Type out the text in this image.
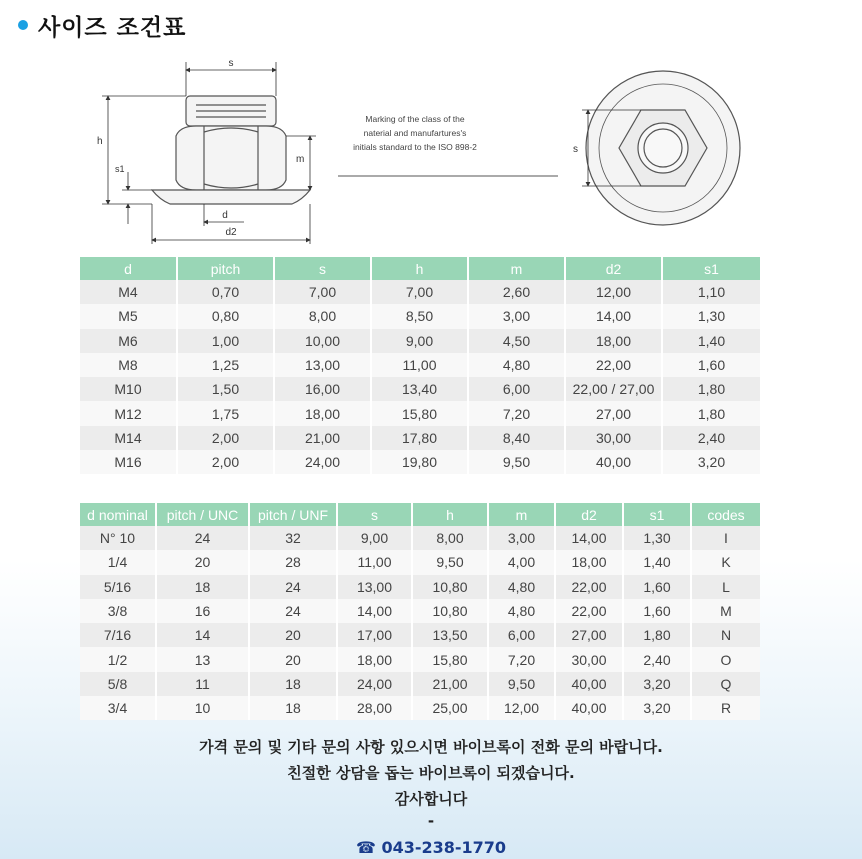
사이즈 조건표
s
h
s1
m
d
d2
Marking of the class of the
naterial and manufartures's
initials standard to the ISO 898-2	s
d	pitch	s	h	m	d2	s1
M4	0,70	7,00	7,00	2,60	12,00	1,10
M5	0,80	8,00	8,50	3,00	14,00	1,30
M6	1,00	10,00	9,00	4,50	18,00	1,40
M8	1,25	13,00	11,00	4,80	22,00	1,60
M10	1,50	16,00	13,40	6,00	22,00 / 27,00	1,80
M12	1,75	18,00	15,80	7,20	27,00	1,80
M14	2,00	21,00	17,80	8,40	30,00	2,40
M16	2,00	24,00	19,80	9,50	40,00	3,20
d nominal	pitch / UNC	pitch / UNF	s	h	m	d2	s1	codes
N° 10	24	32	9,00	8,00	3,00	14,00	1,30	I
1/4	20	28	11,00	9,50	4,00	18,00	1,40	K
5/16	18	24	13,00	10,80	4,80	22,00	1,60	L
3/8	16	24	14,00	10,80	4,80	22,00	1,60	M
7/16	14	20	17,00	13,50	6,00	27,00	1,80	N
1/2	13	20	18,00	15,80	7,20	30,00	2,40	O
5/8	11	18	24,00	21,00	9,50	40,00	3,20	Q
3/4	10	18	28,00	25,00	12,00	40,00	3,20	R
가격 문의 및 기타 문의 사항 있으시면 바이브록이 전화 문의 바랍니다.
친절한 상담을 돕는 바이브록이 되겠습니다.
감사합니다
-
☎ 043-238-1770
